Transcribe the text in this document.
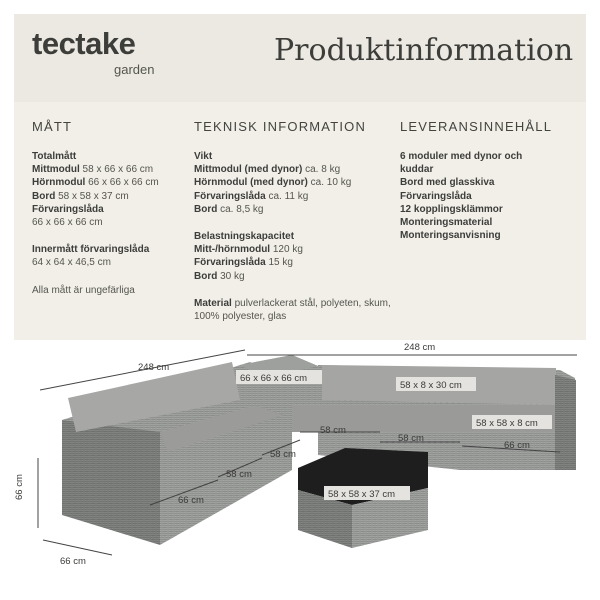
tectake
garden
Produktinformation
MÅTT
Totalmått
Mittmodul 58 x 66 x 66 cm
Hörnmodul 66 x 66 x 66 cm
Bord 58 x 58 x 37 cm
Förvaringslåda
66 x 66 x 66 cm
Innermått förvaringslåda
64 x 64 x 46,5 cm
Alla mått är ungefärliga
TEKNISK INFORMATION
Vikt
Mittmodul (med dynor) ca. 8 kg
Hörnmodul (med dynor) ca. 10 kg
Förvaringslåda ca. 11 kg
Bord ca. 8,5 kg
Belastningskapacitet
Mitt-/hörnmodul 120 kg
Förvaringslåda 15 kg
Bord 30 kg
Material pulverlackerat stål, polyeten, skum, 100% polyester, glas
LEVERANSINNEHÅLL
6 moduler med dynor och kuddar
Bord med glasskiva
Förvaringslåda
12 kopplingsklämmor
Monteringsmaterial
Monteringsanvisning
248 cm
248 cm
66 cm
66 cm
66 cm
58 cm
58 cm
58 cm
58 cm
66 cm
66 x 66 x 66 cm
58 x 8 x 30 cm
58 x 58 x 8 cm
58 x 58 x 37 cm
